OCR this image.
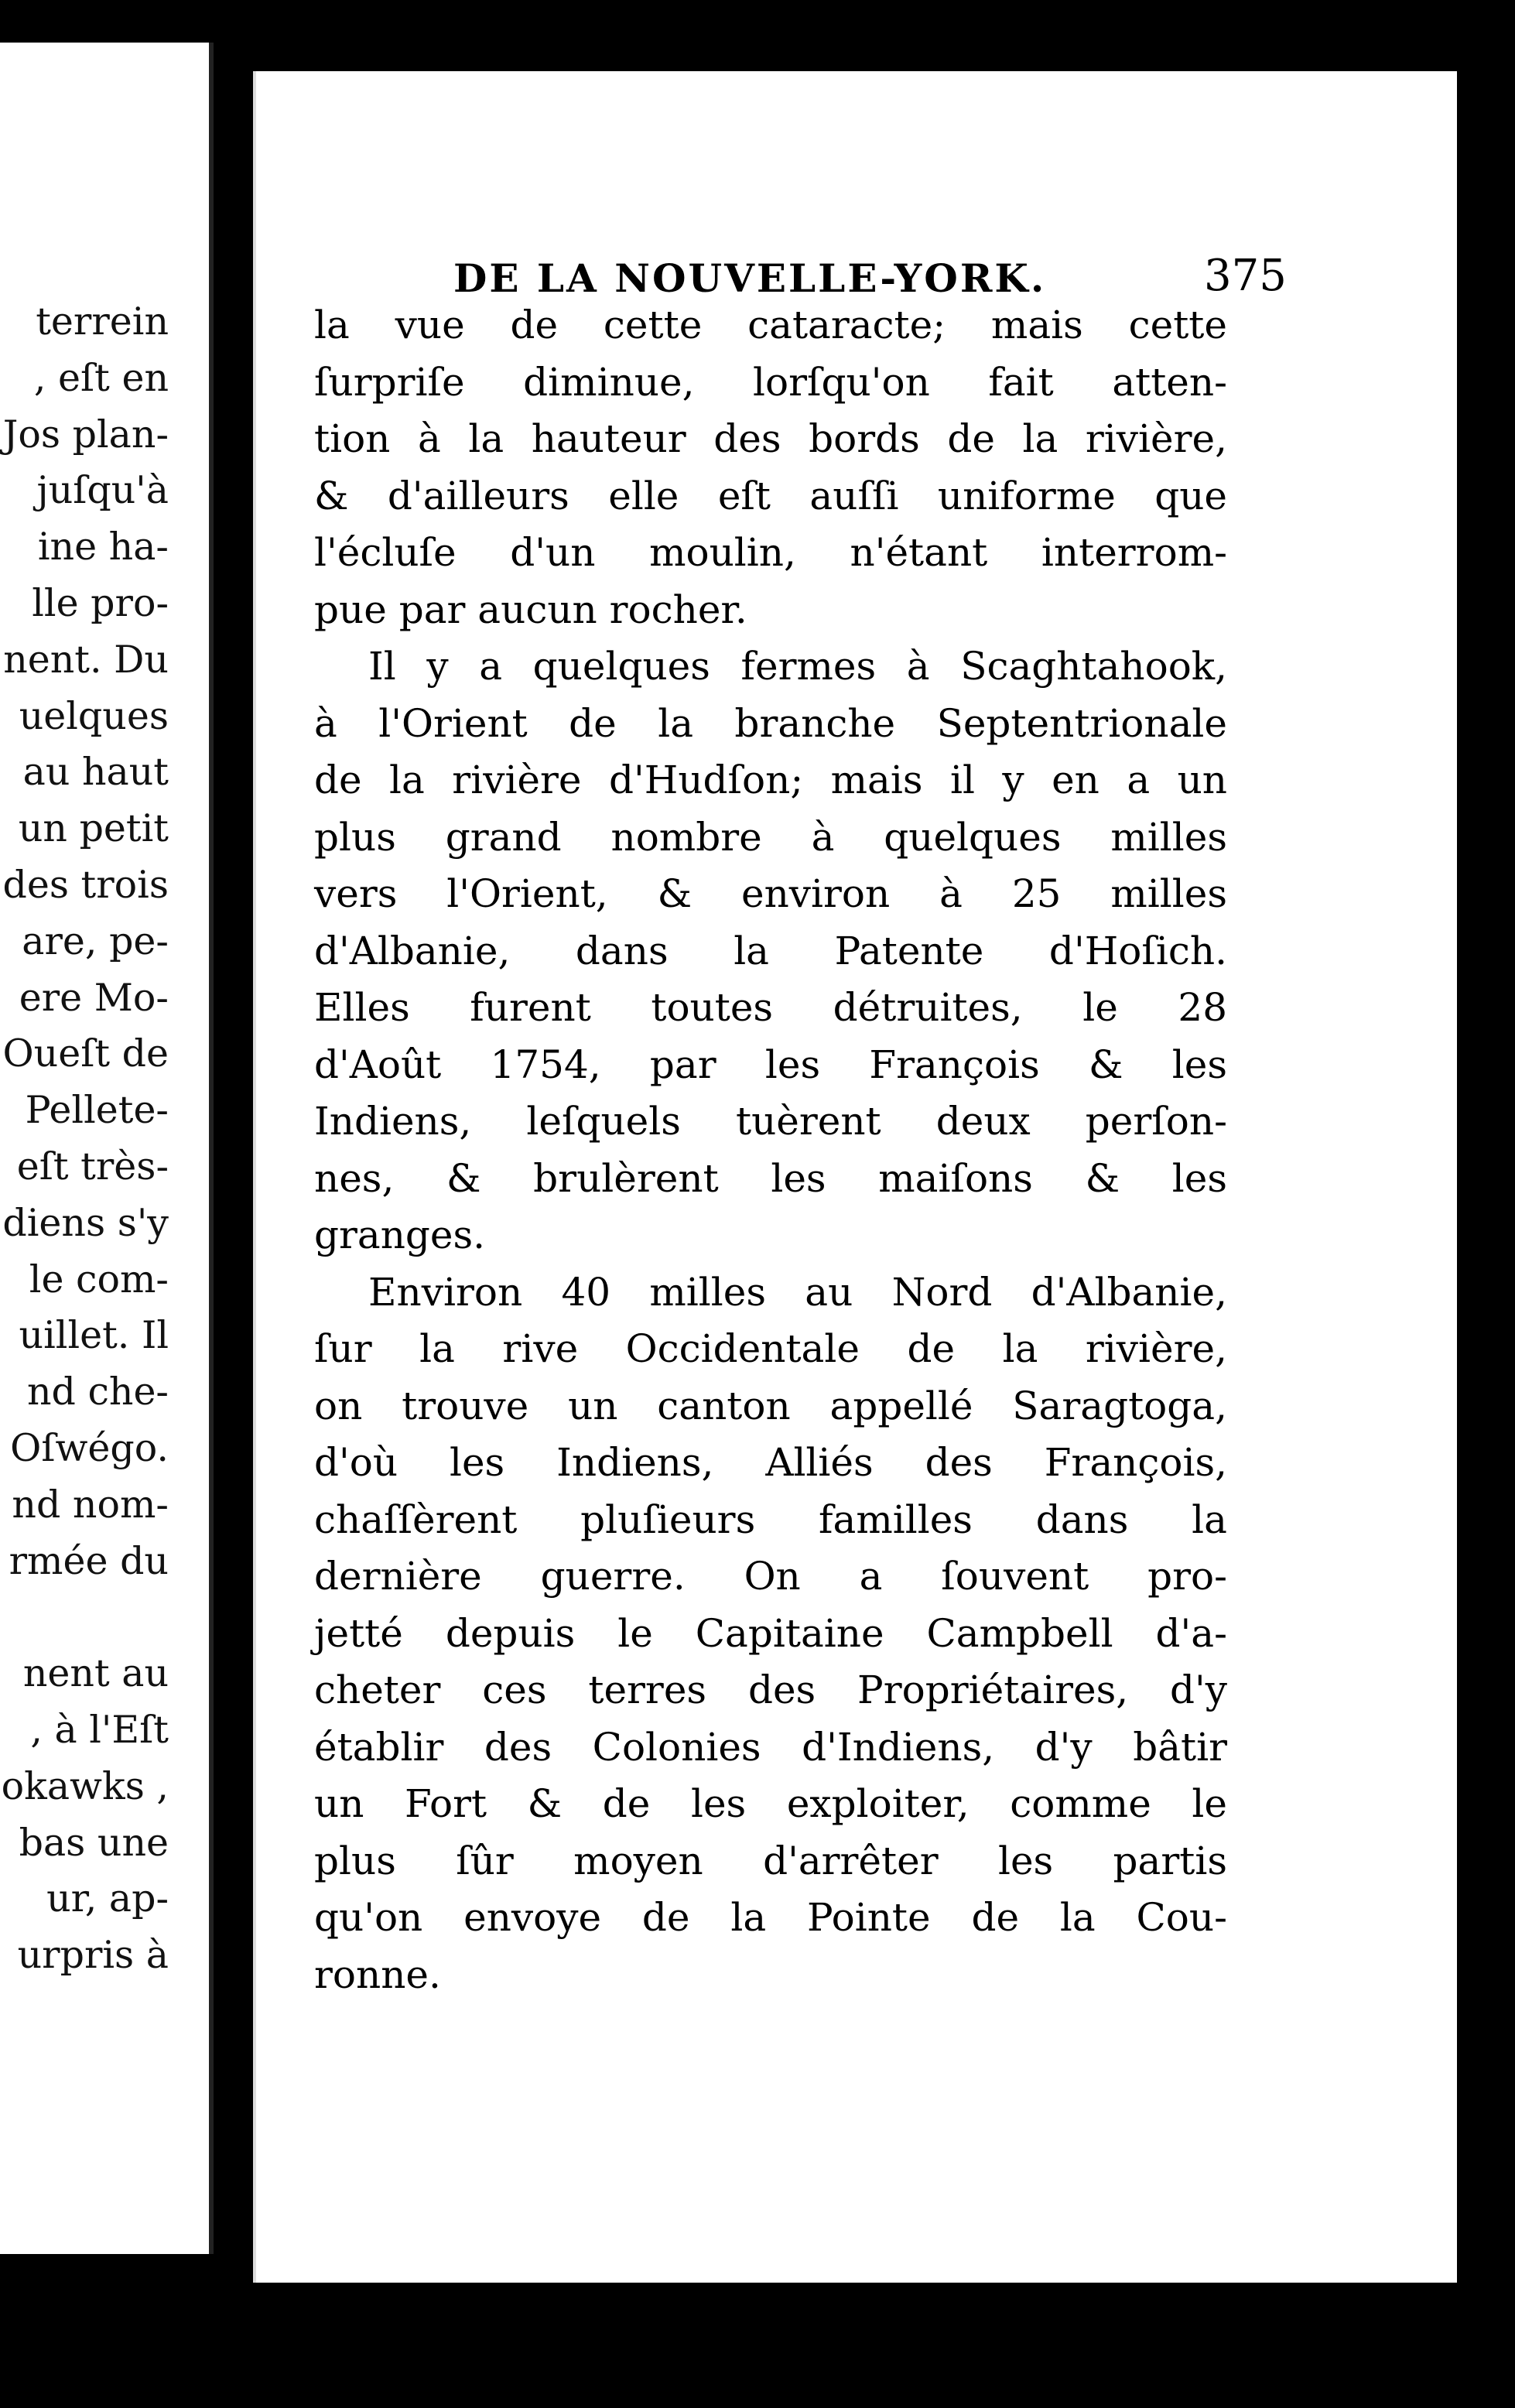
terrein
, eſt en
Jos plan-
juſqu'à
ine ha-
lle pro-
nent. Du
uelques
au haut
un petit
des trois
are, pe-
ere Mo-
Oueſt de
Pellete-
eſt très-
diens s'y
le com-
uillet. Il
nd che-
Oſwégo.
nd nom-
rmée du
nent au
, à l'Eſt
okawks ,
bas une
ur, ap-
urpris à
DE LA NOUVELLE-YORK.	375
la vue de cette cataracte; mais cette
ſurpriſe diminue, lorſqu'on fait atten-
tion à la hauteur des bords de la rivière,
& d'ailleurs elle eſt auſſi uniforme que
l'écluſe d'un moulin, n'étant interrom-
pue par aucun rocher.
Il y a quelques fermes à Scaghtahook,
à l'Orient de la branche Septentrionale
de la rivière d'Hudſon; mais il y en a un
plus grand nombre à quelques milles
vers l'Orient, & environ à 25 milles
d'Albanie, dans la Patente d'Hoſich.
Elles furent toutes détruites, le 28
d'Août 1754, par les François & les
Indiens, leſquels tuèrent deux perſon-
nes, & brulèrent les maiſons & les
granges.
Environ 40 milles au Nord d'Albanie,
ſur la rive Occidentale de la rivière,
on trouve un canton appellé Saragtoga,
d'où les Indiens, Alliés des François,
chaſſèrent pluſieurs familles dans la
dernière guerre. On a ſouvent pro-
jetté depuis le Capitaine Campbell d'a-
cheter ces terres des Propriétaires, d'y
établir des Colonies d'Indiens, d'y bâtir
un Fort & de les exploiter, comme le
plus ſûr moyen d'arrêter les partis
qu'on envoye de la Pointe de la Cou-
ronne.
